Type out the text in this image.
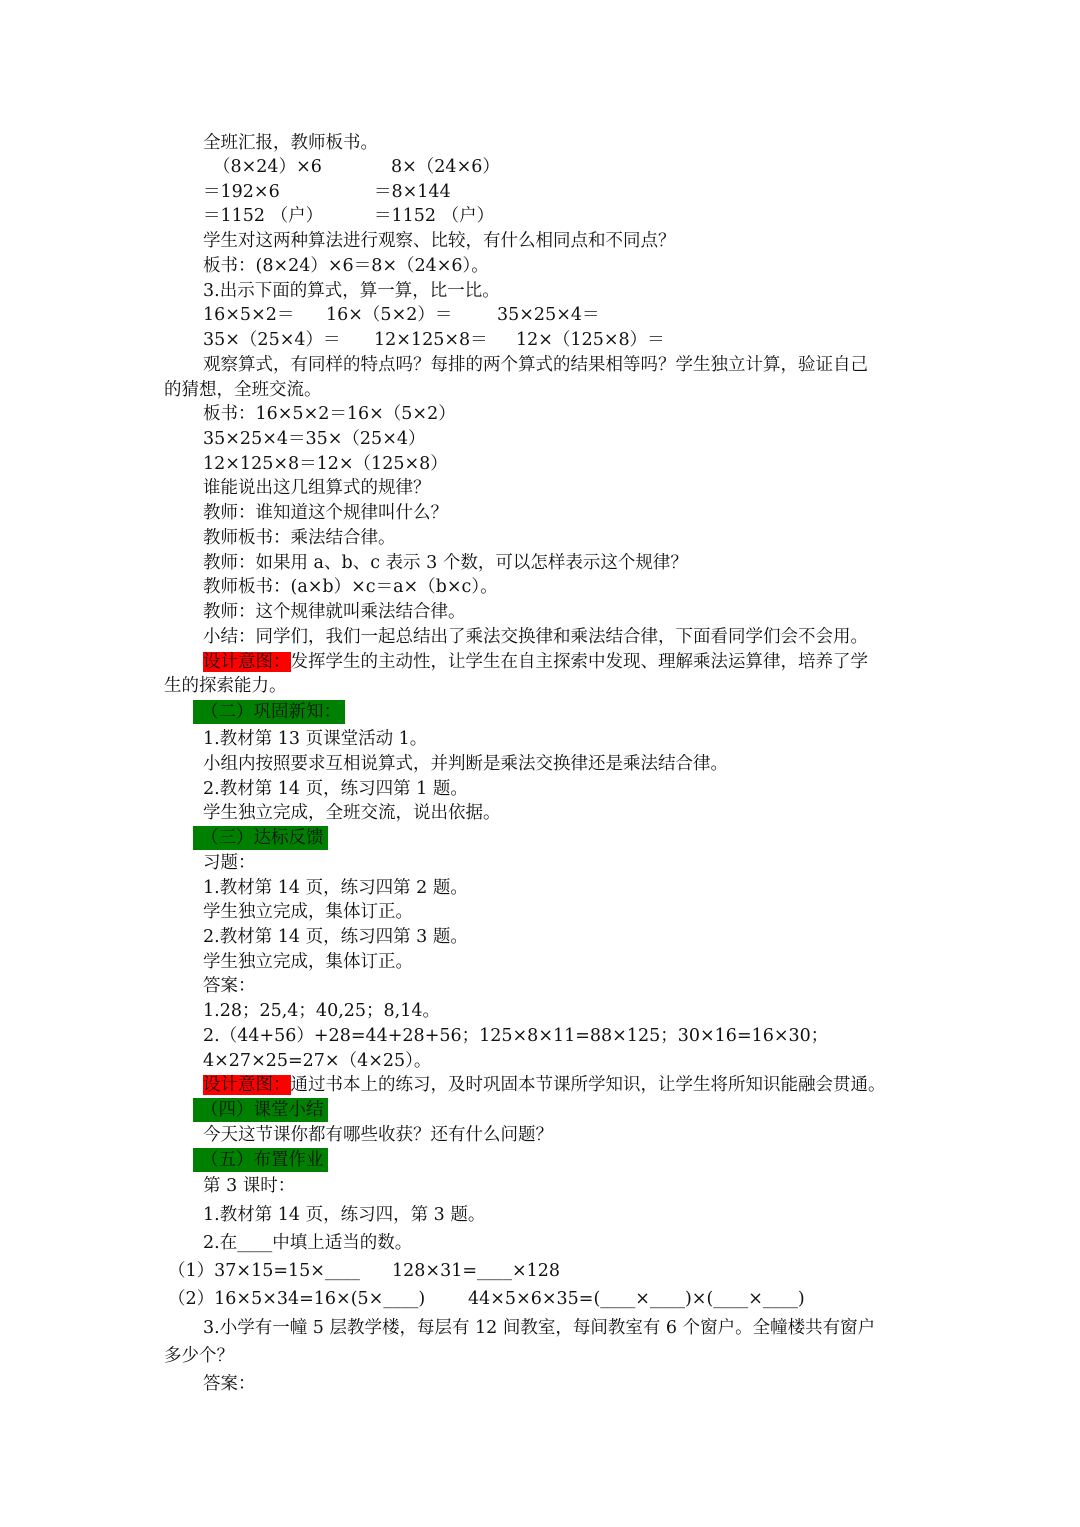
全班汇报，教师板书。
（8×24）×6	8×（24×6）
＝192×6	＝8×144
＝1152 （户）	＝1152 （户）
学生对这两种算法进行观察、比较，有什么相同点和不同点？
板书：(8×24）×6＝8×（24×6）。
3.出示下面的算式，算一算，比一比。
16×5×2＝ 16×（5×2）＝	35×25×4＝
35×（25×4）＝ 12×125×8＝ 12×（125×8）＝
观察算式，有同样的特点吗？每排的两个算式的结果相等吗？学生独立计算，验证自己
的猜想，全班交流。
板书：16×5×2＝16×（5×2）
35×25×4＝35×（25×4）
12×125×8＝12×（125×8）
谁能说出这几组算式的规律？
教师：谁知道这个规律叫什么？
教师板书：乘法结合律。
教师：如果用 a、b、c 表示 3 个数，可以怎样表示这个规律？
教师板书：(a×b）×c＝a×（b×c）。
教师：这个规律就叫乘法结合律。
小结：同学们，我们一起总结出了乘法交换律和乘法结合律，下面看同学们会不会用。
设计意图：发挥学生的主动性，让学生在自主探索中发现、理解乘法运算律，培养了学
生的探索能力。
（二）巩固新知：
1.教材第 13 页课堂活动 1。
小组内按照要求互相说算式，并判断是乘法交换律还是乘法结合律。
2.教材第 14 页，练习四第 1 题。
学生独立完成，全班交流，说出依据。
（三）达标反馈
习题：
1.教材第 14 页，练习四第 2 题。
学生独立完成，集体订正。
2.教材第 14 页，练习四第 3 题。
学生独立完成，集体订正。
答案：
1.28；25,4；40,25；8,14。
2.（44+56）+28=44+28+56；125×8×11=88×125；30×16=16×30；
4×27×25=27×（4×25）。
设计意图：通过书本上的练习，及时巩固本节课所学知识，让学生将所知识能融会贯通。
（四）课堂小结
今天这节课你都有哪些收获？还有什么问题？
（五）布置作业
第 3 课时：
1.教材第 14 页，练习四，第 3 题。
2.在____中填上适当的数。
（1）37×15=15×____ 128×31=____×128
（2）16×5×34=16×(5×____) 44×5×6×35=(____×____)×(____×____)
3.小学有一幢 5 层教学楼，每层有 12 间教室，每间教室有 6 个窗户。全幢楼共有窗户
多少个？
答案：
